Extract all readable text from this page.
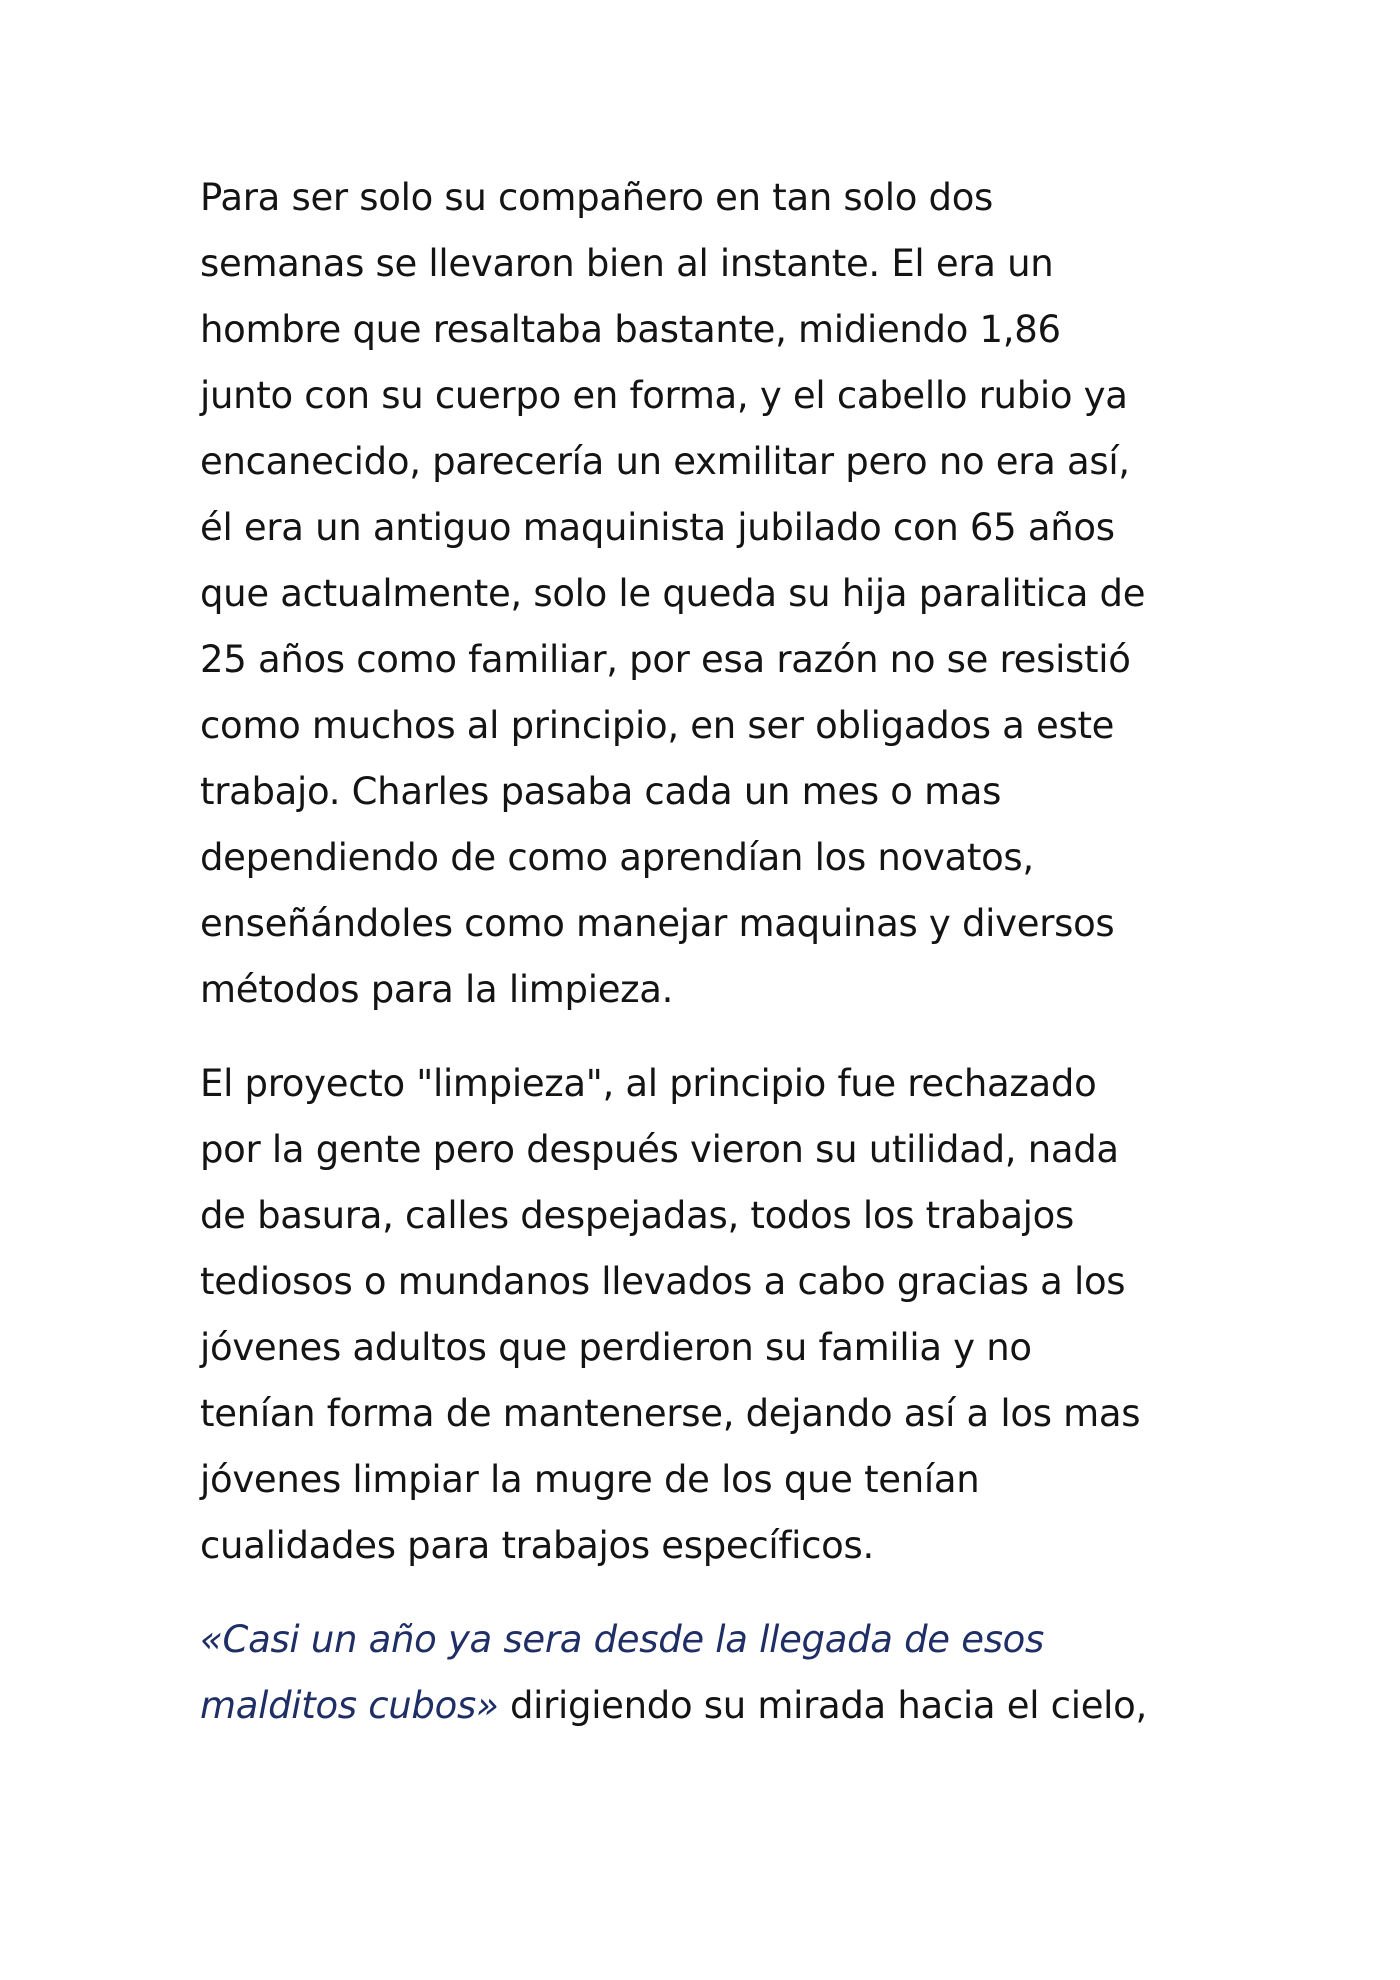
Para ser solo su compañero en tan solo dos
semanas se llevaron bien al instante. El era un
hombre que resaltaba bastante, midiendo 1,86
junto con su cuerpo en forma, y el cabello rubio ya
encanecido, parecería un exmilitar pero no era así,
él era un antiguo maquinista jubilado con 65 años
que actualmente, solo le queda su hija paralitica de
25 años como familiar, por esa razón no se resistió
como muchos al principio, en ser obligados a este
trabajo. Charles pasaba cada un mes o mas
dependiendo de como aprendían los novatos,
enseñándoles como manejar maquinas y diversos
métodos para la limpieza.

El proyecto "limpieza", al principio fue rechazado
por la gente pero después vieron su utilidad, nada
de basura, calles despejadas, todos los trabajos
tediosos o mundanos llevados a cabo gracias a los
jóvenes adultos que perdieron su familia y no
tenían forma de mantenerse, dejando así a los mas
jóvenes limpiar la mugre de los que tenían
cualidades para trabajos específicos.

«Casi un año ya sera desde la llegada de esos
malditos cubos» dirigiendo su mirada hacia el cielo,
